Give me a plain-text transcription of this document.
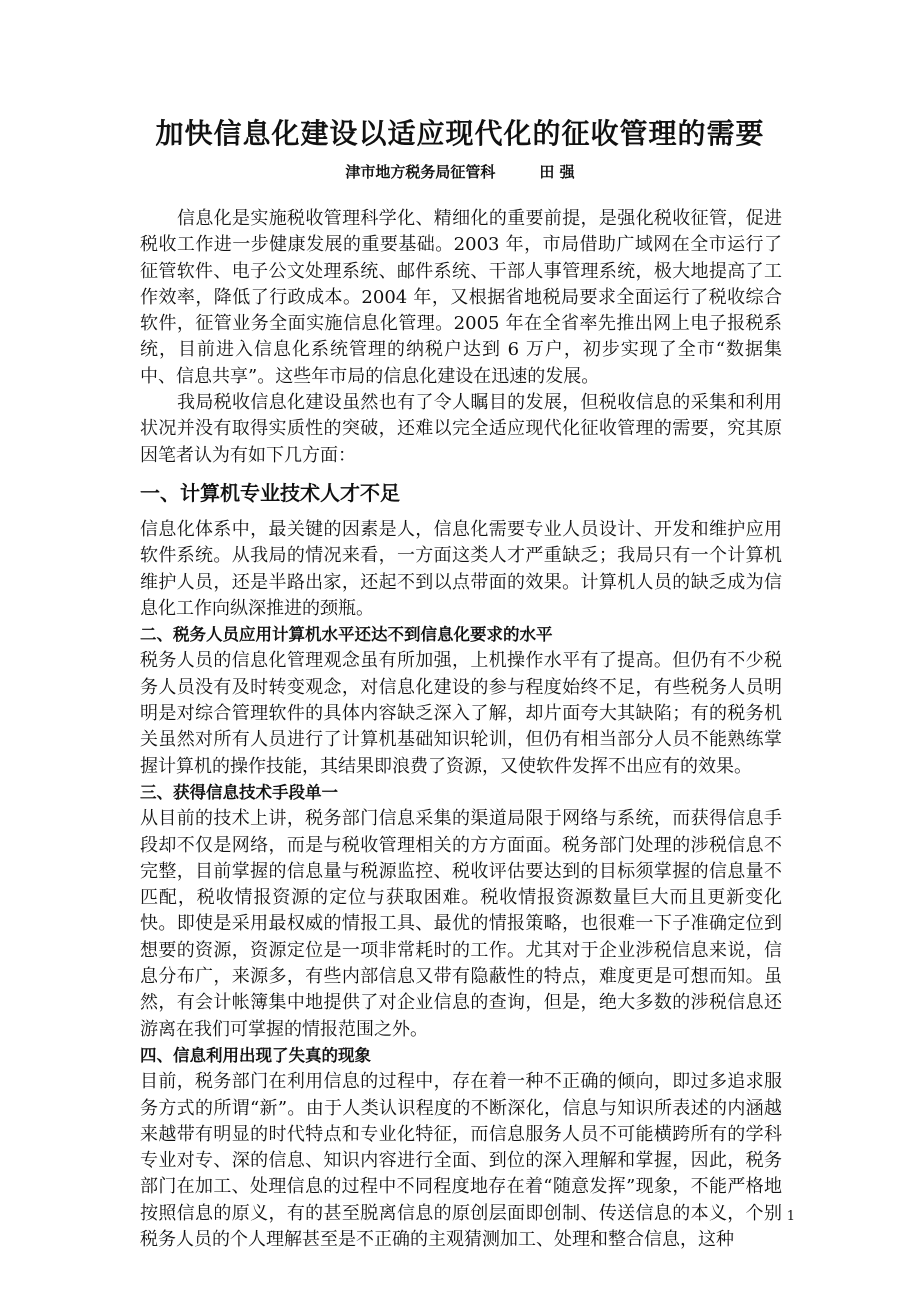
加快信息化建设以适应现代化的征收管理的需要
津市地方税务局征管科	田 强

信息化是实施税收管理科学化、精细化的重要前提，是强化税收征管，促进税收工作进一步健康发展的重要基础。2003 年，市局借助广域网在全市运行了征管软件、电子公文处理系统、邮件系统、干部人事管理系统，极大地提高了工作效率，降低了行政成本。2004 年，又根据省地税局要求全面运行了税收综合软件，征管业务全面实施信息化管理。2005 年在全省率先推出网上电子报税系统，目前进入信息化系统管理的纳税户达到 6 万户，初步实现了全市“数据集中、信息共享”。这些年市局的信息化建设在迅速的发展。

我局税收信息化建设虽然也有了令人瞩目的发展，但税收信息的采集和利用状况并没有取得实质性的突破，还难以完全适应现代化征收管理的需要，究其原因笔者认为有如下几方面：

一、计算机专业技术人才不足

信息化体系中，最关键的因素是人，信息化需要专业人员设计、开发和维护应用软件系统。从我局的情况来看，一方面这类人才严重缺乏；我局只有一个计算机维护人员，还是半路出家，还起不到以点带面的效果。计算机人员的缺乏成为信息化工作向纵深推进的颈瓶。

二、税务人员应用计算机水平还达不到信息化要求的水平

税务人员的信息化管理观念虽有所加强，上机操作水平有了提高。但仍有不少税务人员没有及时转变观念，对信息化建设的参与程度始终不足，有些税务人员明明是对综合管理软件的具体内容缺乏深入了解，却片面夸大其缺陷；有的税务机关虽然对所有人员进行了计算机基础知识轮训，但仍有相当部分人员不能熟练掌握计算机的操作技能，其结果即浪费了资源，又使软件发挥不出应有的效果。

三、获得信息技术手段单一

从目前的技术上讲，税务部门信息采集的渠道局限于网络与系统，而获得信息手段却不仅是网络，而是与税收管理相关的方方面面。税务部门处理的涉税信息不完整，目前掌握的信息量与税源监控、税收评估要达到的目标须掌握的信息量不匹配，税收情报资源的定位与获取困难。税收情报资源数量巨大而且更新变化快。即使是采用最权威的情报工具、最优的情报策略，也很难一下子准确定位到想要的资源，资源定位是一项非常耗时的工作。尤其对于企业涉税信息来说，信息分布广，来源多，有些内部信息又带有隐蔽性的特点，难度更是可想而知。虽然，有会计帐簿集中地提供了对企业信息的查询，但是，绝大多数的涉税信息还游离在我们可掌握的情报范围之外。

四、信息利用出现了失真的现象

目前，税务部门在利用信息的过程中，存在着一种不正确的倾向，即过多追求服务方式的所谓“新”。由于人类认识程度的不断深化，信息与知识所表述的内涵越来越带有明显的时代特点和专业化特征，而信息服务人员不可能横跨所有的学科专业对专、深的信息、知识内容进行全面、到位的深入理解和掌握，因此，税务部门在加工、处理信息的过程中不同程度地存在着“随意发挥”现象，不能严格地按照信息的原义，有的甚至脱离信息的原创层面即创制、传送信息的本义，个别税务人员的个人理解甚至是不正确的主观猜测加工、处理和整合信息，这种

1
